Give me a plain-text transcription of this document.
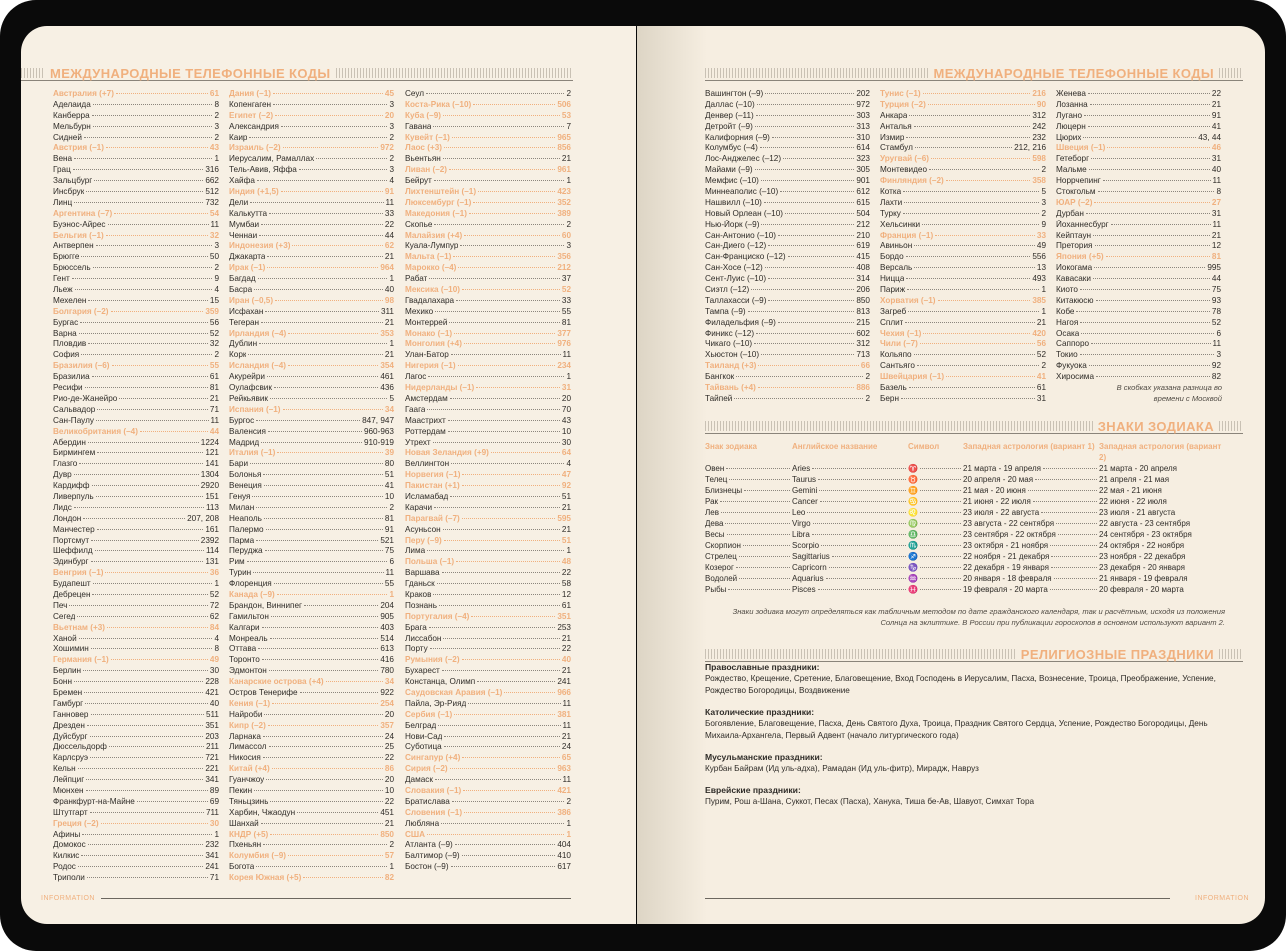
МЕЖДУНАРОДНЫЕ ТЕЛЕФОННЫЕ КОДЫ
Австралия (+7)	61
Аделаида	8
Канберра	2
Мельбурн	3
Сидней	2
Австрия (–1)	43
Вена	1
Грац	316
Зальцбург	662
Инсбрук	512
Линц	732
Аргентина (–7)	54
Буэнос-Айрес	11
Бельгия (–1)	32
Антверпен	3
Брюгге	50
Брюссель	2
Гент	9
Льеж	4
Мехелен	15
Болгария (–2)	359
Бургас	56
Варна	52
Пловдив	32
София	2
Бразилия (–6)	55
Бразилиа	61
Ресифи	81
Рио-де-Жанейро	21
Сальвадор	71
Сан-Паулу	11
Великобритания (–4)	44
Абердин	1224
Бирмингем	121
Глазго	141
Дувр	1304
Кардифф	2920
Ливерпуль	151
Лидс	113
Лондон	207, 208
Манчестер	161
Портсмут	2392
Шеффилд	114
Эдинбург	131
Венгрия (–1)	36
Будапешт	1
Дебрецен	52
Печ	72
Сегед	62
Вьетнам (+3)	84
Ханой	4
Хошимин	8
Германия (–1)	49
Берлин	30
Бонн	228
Бремен	421
Гамбург	40
Ганновер	511
Дрезден	351
Дуйсбург	203
Дюссельдорф	211
Карлсруэ	721
Кельн	221
Лейпциг	341
Мюнхен	89
Франкфурт-на-Майне	69
Штутгарт	711
Греция (–2)	30
Афины	1
Домокос	232
Килкис	341
Родос	241
Триполи	71
Дания (–1)	45
Копенгаген	3
Египет (–2)	20
Александрия	3
Каир	2
Израиль (–2)	972
Иерусалим, Рамаллах	2
Тель-Авив, Яффа	3
Хайфа	4
Индия (+1,5)	91
Дели	11
Калькутта	33
Мумбаи	22
Ченнаи	44
Индонезия (+3)	62
Джакарта	21
Ирак (–1)	964
Багдад	1
Басра	40
Иран (–0,5)	98
Исфахан	311
Тегеран	21
Ирландия (–4)	353
Дублин	1
Корк	21
Исландия (–4)	354
Акурейри	461
Оулафсвик	436
Рейкьявик	5
Испания (–1)	34
Бургос	847, 947
Валенсия	960-963
Мадрид	910-919
Италия (–1)	39
Бари	80
Болонья	51
Венеция	41
Генуя	10
Милан	2
Неаполь	81
Палермо	91
Парма	521
Перуджа	75
Рим	6
Турин	11
Флоренция	55
Канада (–9)	1
Брандон, Виннипег	204
Гамильтон	905
Калгари	403
Монреаль	514
Оттава	613
Торонто	416
Эдмонтон	780
Канарские острова (+4)	34
Остров Тенерифе	922
Кения (–1)	254
Найроби	20
Кипр (–2)	357
Ларнака	24
Лимассол	25
Никосия	22
Китай (+4)	86
Гуанчжоу	20
Пекин	10
Тяньцзинь	22
Харбин, Чжаодун	451
Шанхай	21
КНДР (+5)	850
Пхеньян	2
Колумбия (–9)	57
Богота	1
Корея Южная (+5)	82
Сеул	2
Коста-Рика (–10)	506
Куба (–9)	53
Гавана	7
Кувейт (–1)	965
Лаос (+3)	856
Вьентьян	21
Ливан (–2)	961
Бейрут	1
Лихтенштейн (–1)	423
Люксембург (–1)	352
Македония (–1)	389
Скопье	2
Малайзия (+4)	60
Куала-Лумпур	3
Мальта (–1)	356
Марокко (–4)	212
Рабат	37
Мексика (–10)	52
Гвадалахара	33
Мехико	55
Монтеррей	81
Монако (–1)	377
Монголия (+4)	976
Улан-Батор	11
Нигерия (–1)	234
Лагос	1
Нидерланды (–1)	31
Амстердам	20
Гаага	70
Маастрихт	43
Роттердам	10
Утрехт	30
Новая Зеландия (+9)	64
Веллингтон	4
Норвегия (–1)	47
Пакистан (+1)	92
Исламабад	51
Карачи	21
Парагвай (–7)	595
Асуньсон	21
Перу (–9)	51
Лима	1
Польша (–1)	48
Варшава	22
Гданьск	58
Краков	12
Познань	61
Португалия (–4)	351
Брага	253
Лиссабон	21
Порту	22
Румыния (–2)	40
Бухарест	21
Констанца, Олимп	241
Саудовская Аравия (–1)	966
Пайла, Эр-Рияд	11
Сербия (–1)	381
Белград	11
Нови-Сад	21
Суботица	24
Сингапур (+4)	65
Сирия (–2)	963
Дамаск	11
Словакия (–1)	421
Братислава	2
Словения (–1)	386
Любляна	1
США	1
Атланта (–9)	404
Балтимор (–9)	410
Бостон (–9)	617
INFORMATION
МЕЖДУНАРОДНЫЕ ТЕЛЕФОННЫЕ КОДЫ
Вашингтон (–9)	202
Даллас (–10)	972
Денвер (–11)	303
Детройт (–9)	313
Калифорния (–9)	310
Колумбус (–4)	614
Лос-Анджелес (–12)	323
Майами (–9)	305
Мемфис (–10)	901
Миннеаполис (–10)	612
Нашвилл (–10)	615
Новый Орлеан (–10)	504
Нью-Йорк (–9)	212
Сан-Антонио (–10)	210
Сан-Диего (–12)	619
Сан-Франциско (–12)	415
Сан-Хосе (–12)	408
Сент-Луис (–10)	314
Сиэтл (–12)	206
Таллахасси (–9)	850
Тампа (–9)	813
Филадельфия (–9)	215
Финикс (–12)	602
Чикаго (–10)	312
Хьюстон (–10)	713
Таиланд (+3)	66
Бангкок	2
Тайвань (+4)	886
Тайпей	2
Тунис (–1)	216
Турция (–2)	90
Анкара	312
Анталья	242
Измир	232
Стамбул	212, 216
Уругвай (–6)	598
Монтевидео	2
Финляндия (–2)	358
Котка	5
Лахти	3
Турку	2
Хельсинки	9
Франция (–1)	33
Авиньон	49
Бордо	556
Версаль	13
Ницца	493
Париж	1
Хорватия (–1)	385
Загреб	1
Сплит	21
Чехия (–1)	420
Чили (–7)	56
Кольяпо	52
Сантьяго	2
Швейцария (–1)	41
Базель	61
Берн	31
Женева	22
Лозанна	21
Лугано	91
Люцерн	41
Цюрих	43, 44
Швеция (–1)	46
Гетеборг	31
Мальме	40
Норрчепинг	11
Стокгольм	8
ЮАР (–2)	27
Дурбан	31
Йоханнесбург	11
Кейптаун	21
Претория	12
Япония (+5)	81
Иокогама	995
Кавасаки	44
Киото	75
Китакюсю	93
Кобе	78
Нагоя	52
Осака	6
Саппоро	11
Токио	3
Фукуока	92
Хиросима	82
В скобках указана разница во
времени с Москвой
ЗНАКИ ЗОДИАКА
Знак зодиака	Английское название	Символ	Западная астрология (вариант 1) Западная астрология (вариант 2)
Овен	Aries	♈	21 марта - 19 апреля	21 марта - 20 апреля
Телец	Taurus	♉	20 апреля - 20 мая	21 апреля - 21 мая
Близнецы	Gemini	♊	21 мая - 20 июня	22 мая - 21 июня
Рак	Cancer	♋	21 июня - 22 июля	22 июня - 22 июля
Лев	Leo	♌	23 июля - 22 августа	23 июля - 21 августа
Дева	Virgo	♍	23 августа - 22 сентября	22 августа - 23 сентября
Весы	Libra	♎	23 сентября - 22 октября	24 сентября - 23 октября
Скорпион	Scorpio	♏	23 октября - 21 ноября	24 октября - 22 ноября
Стрелец	Sagittarius	♐	22 ноября - 21 декабря	23 ноября - 22 декабря
Козерог	Capricorn	♑	22 декабря - 19 января	23 декабря - 20 января
Водолей	Aquarius	♒	20 января - 18 февраля	21 января - 19 февраля
Рыбы	Pisces	♓	19 февраля - 20 марта	20 февраля - 20 марта
Знаки зодиака могут определяться как табличным методом по дате гражданского календаря, так и расчётным, исходя из положения
Солнца на эклиптике. В России при публикации гороскопов в основном используют вариант 2.
РЕЛИГИОЗНЫЕ ПРАЗДНИКИ
Православные праздники:

Рождество, Крещение, Сретение, Благовещение, Вход Господень в Иерусалим, Пасха, Вознесение, Троица, Преображение, Успение, Рождество Богородицы, Воздвижение

Католические праздники:

Богоявление, Благовещение, Пасха, День Святого Духа, Троица, Праздник Святого Сердца, Успение, Рождество Богородицы, День Михаила-Архангела, Первый Адвент (начало литургического года)

Мусульманские праздники:

Курбан Байрам (Ид уль-адха), Рамадан (Ид уль-фитр), Мирадж, Навруз

Еврейские праздники:

Пурим, Рош а-Шана, Суккот, Песах (Пасха), Ханука, Тиша бе-Ав, Шавуот, Симхат Тора

INFORMATION
